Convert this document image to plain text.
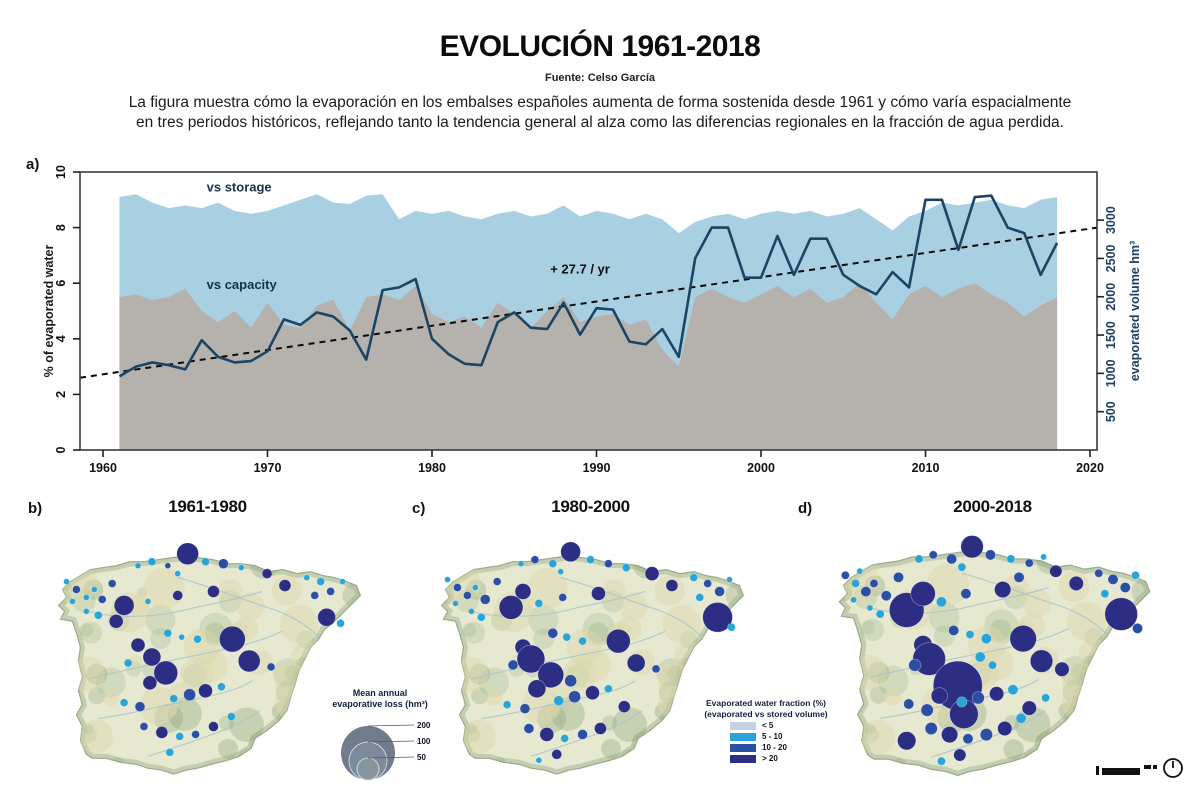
EVOLUCIÓN 1961-2018
Fuente: Celso García
La figura muestra cómo la evaporación en los embalses españoles aumenta de forma sostenida desde 1961 y cómo varía espacialmente
en tres periodos históricos, reflejando tanto la tendencia general al alza como las diferencias regionales en la fracción de agua perdida.
a)
1960	1970	1980	1990	2000	2010	2020
0
2
4
6
8
10
% of evaporated water
500
1000
1500
2000
2500
3000
evaporated volume hm³
vs storage
vs capacity
+ 27.7 / yr
b)	c)	d)
1961-1980	1980-2000	2000-2018
Mean annual
evaporative loss (hm³)
200
100
50
Evaporated water fraction (%)
(evaporated vs stored volume)
< 5
5 - 10
10 - 20
> 20
